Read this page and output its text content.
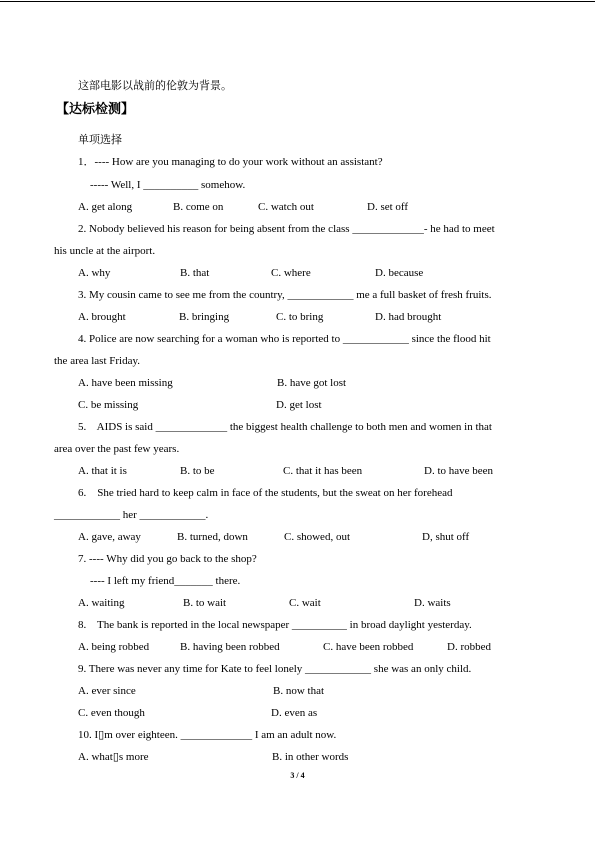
这部电影以战前的伦敦为背景。
【达标检测】
单项选择
1．---- How are you managing to do your work without an assistant?
----- Well, I __________ somehow.
A. get along	B. come on	C. watch out	D. set off
2. Nobody believed his reason for being absent from the class _____________- he had to meet
his uncle at the airport.
A. why	B. that	C. where	D. because
3. My cousin came to see me from the country, ____________ me a full basket of fresh fruits.
A. brought	B. bringing	C. to bring	D. had brought
4. Police are now searching for a woman who is reported to ____________ since the flood hit
the area last Friday.
A. have been missing	B. have got lost
C. be missing	D. get lost
5.    AIDS is said _____________ the biggest health challenge to both men and women in that
area over the past few years.
A. that it is	B. to be	C. that it has been	D. to have been
6.    She tried hard to keep calm in face of the students, but the sweat on her forehead
____________ her ____________.
A. gave, away	B. turned, down	C. showed, out	D, shut off
7. ---- Why did you go back to the shop?
---- I left my friend_______ there.
A. waiting	B. to wait	C. wait	D. waits
8.    The bank is reported in the local newspaper __________ in broad daylight yesterday.
A. being robbed	B. having been robbed	C. have been robbed	D. robbed
9. There was never any time for Kate to feel lonely ____________ she was an only child.
A. ever since	B. now that
C. even though	D. even as
10. I▯m over eighteen. _____________ I am an adult now.
A. what▯s more	B. in other words
3 / 4
